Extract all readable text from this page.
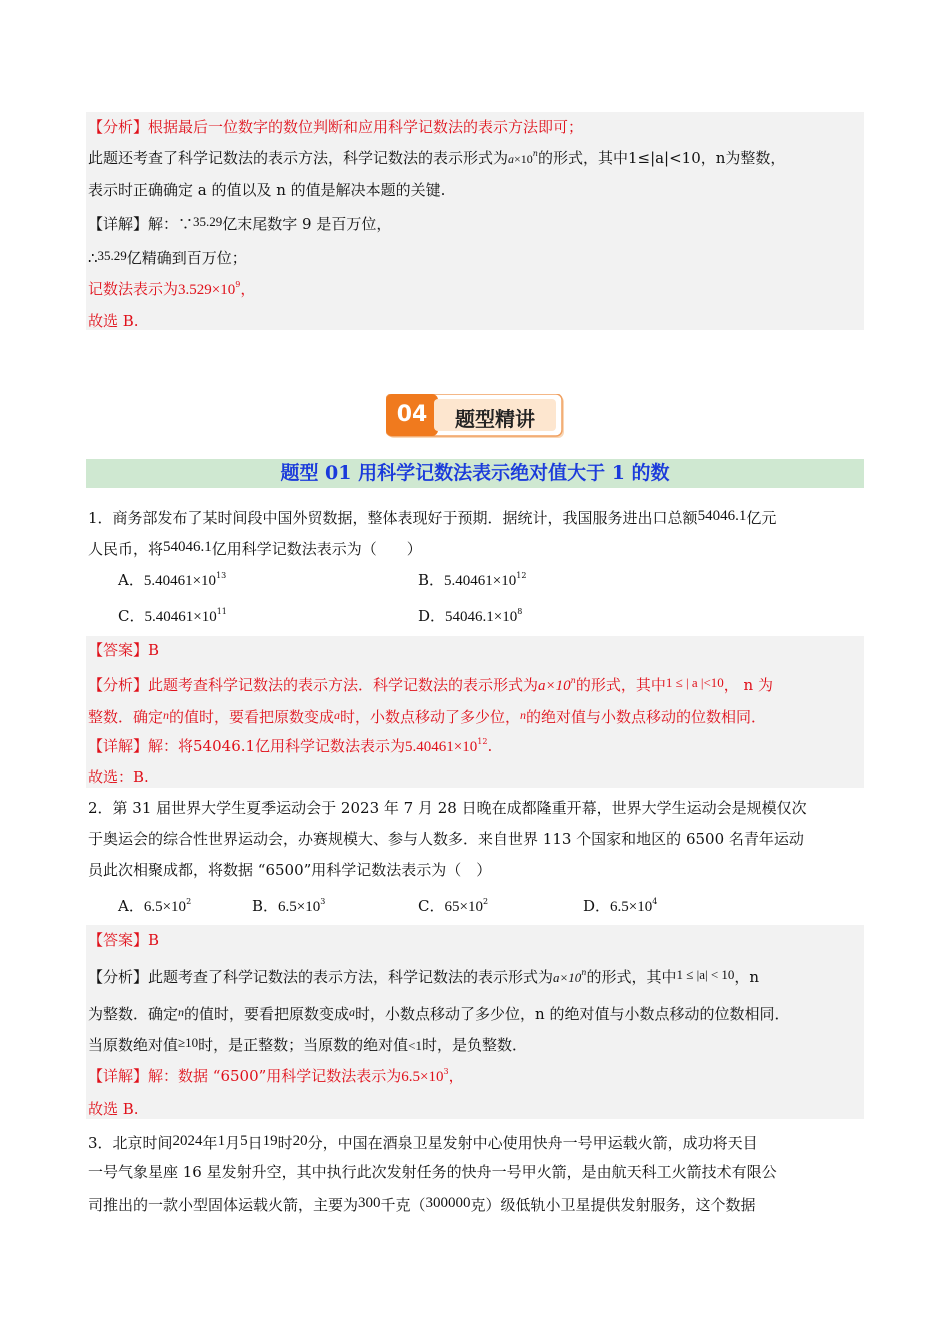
【分析】根据最后一位数字的数位判断和应用科学记数法的表示方法即可；
此题还考查了科学记数法的表示方法，科学记数法的表示形式为$a\times 10^n$的形式，其中1≤|a|<10，n为整数，
表示时正确确定 a 的值以及 n 的值是解决本题的关键.
【详解】解：∵35.29亿末尾数字 9 是百万位，
∴35.29亿精确到百万位；
记数法表示为$3.529\times 10^9$，
故选 B.
04	题型精讲
题型 01 用科学记数法表示绝对值大于 1 的数
1．商务部发布了某时间段中国外贸数据，整体表现好于预期．据统计，我国服务进出口总额54046.1亿元
人民币，将54046.1亿用科学记数法表示为（　　）
A．$5.40461\times 10^{13}$	B．$5.40461\times 10^{12}$
C．$5.40461\times 10^{11}$	D．$54046.1\times 10^8$
【答案】B
【分析】此题考查科学记数法的表示方法．科学记数法的表示形式为$a\times 10^n$的形式，其中1 ≤ | a |<10， n 为
整数．确定$^n$的值时，要看把原数变成$^a$时，小数点移动了多少位，$^n$的绝对值与小数点移动的位数相同．
【详解】解：将54046.1亿用科学记数法表示为$5.40461\times 10^{12}$.
故选：B.
2．第 31 届世界大学生夏季运动会于 2023 年 7 月 28 日晚在成都隆重开幕，世界大学生运动会是规模仅次
于奥运会的综合性世界运动会，办赛规模大、参与人数多．来自世界 113 个国家和地区的 6500 名青年运动
员此次相聚成都，将数据 “6500”用科学记数法表示为（　）
A．$6.5\times 10^2$	B．$6.5\times 10^3$	C．$65\times 10^2$	D．$6.5\times 10^4$
【答案】B
【分析】此题考查了科学记数法的表示方法，科学记数法的表示形式为$a\times 10^n$的形式，其中1 ≤ |a| < 10，n
为整数．确定$^n$的值时，要看把原数变成$^a$时，小数点移动了多少位，n 的绝对值与小数点移动的位数相同．
当原数绝对值≥10时，是正整数；当原数的绝对值<1时，是负整数．
【详解】解：数据 “6500”用科学记数法表示为$6.5\times 10^3$，
故选 B.
3．北京时间2024年1月5日19时20分，中国在酒泉卫星发射中心使用快舟一号甲运载火箭，成功将天目
一号气象星座 16 星发射升空，其中执行此次发射任务的快舟一号甲火箭，是由航天科工火箭技术有限公
司推出的一款小型固体运载火箭，主要为300千克（300000克）级低轨小卫星提供发射服务，这个数据
